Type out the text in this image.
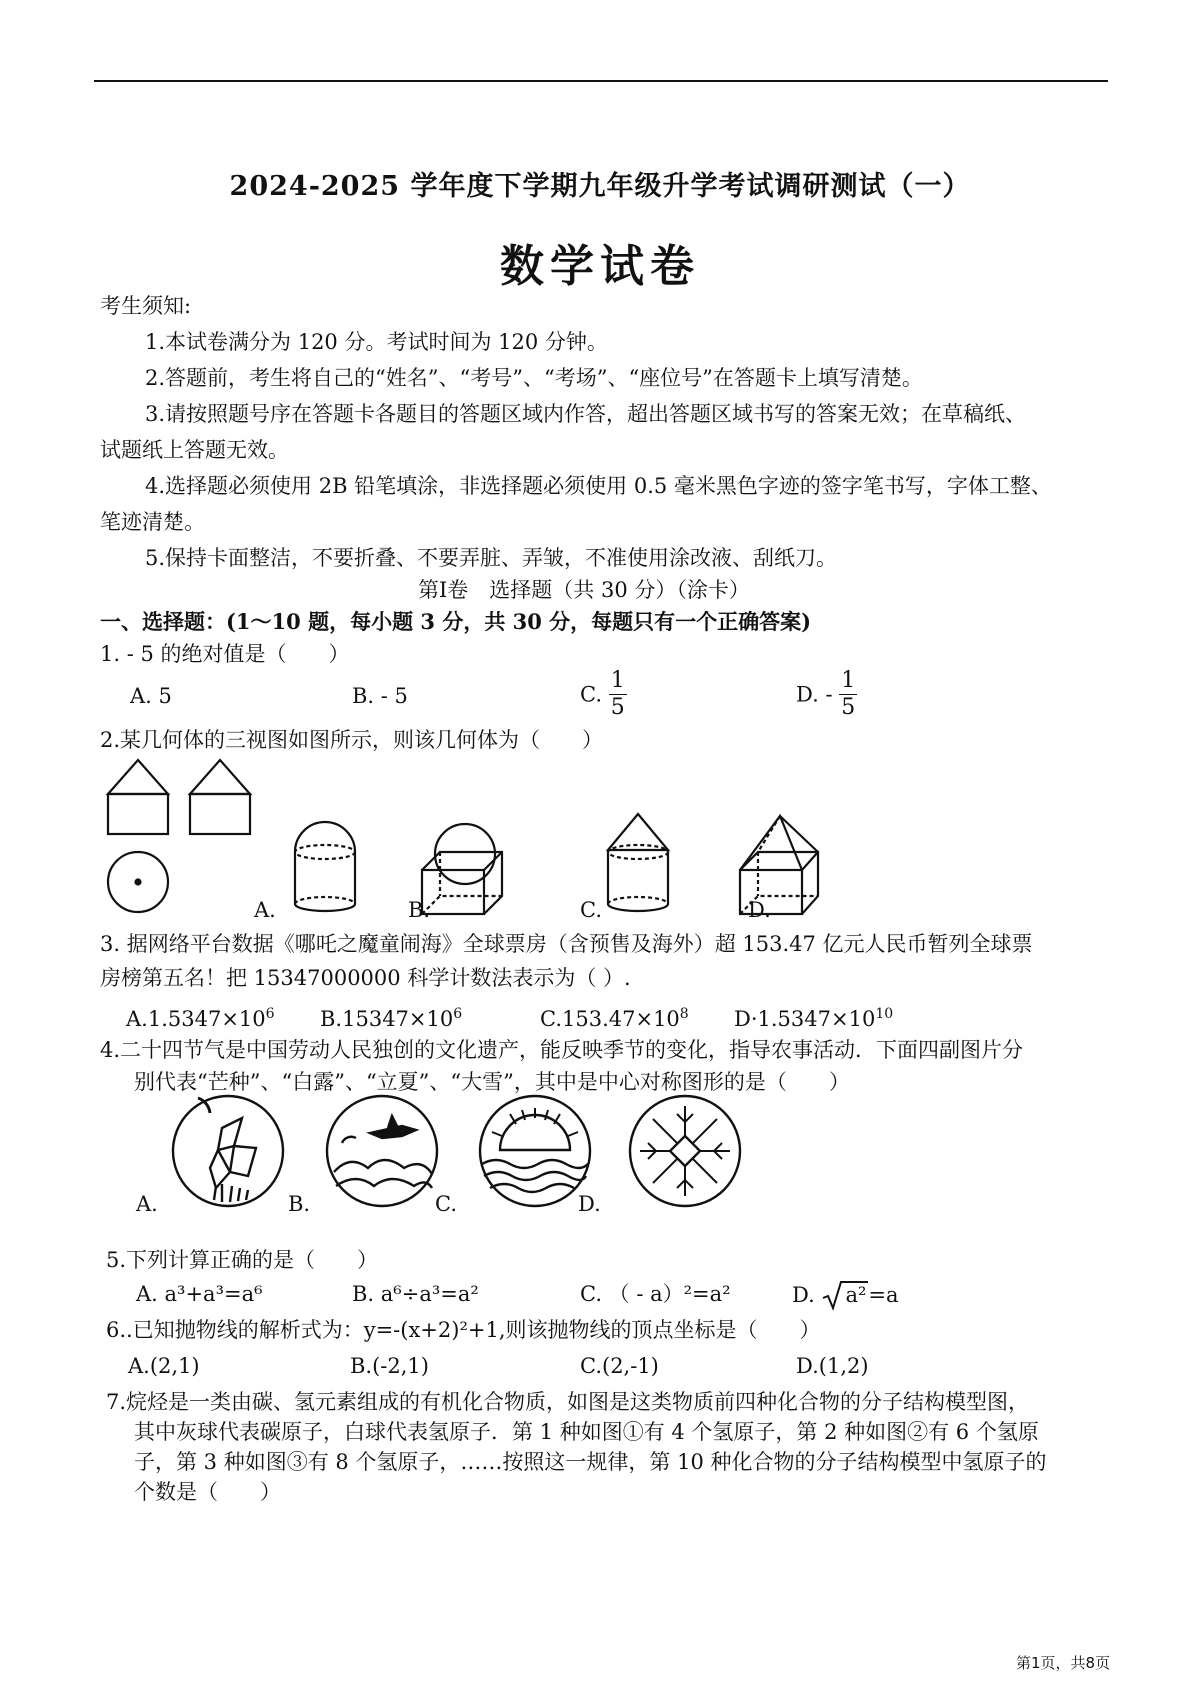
2024-2025 学年度下学期九年级升学考试调研测试（一）
数学试卷
考生须知:
1.本试卷满分为 120 分。考试时间为 120 分钟。
2.答题前，考生将自己的“姓名”、“考号”、“考场”、“座位号”在答题卡上填写清楚。
3.请按照题号序在答题卡各题目的答题区域内作答，超出答题区域书写的答案无效；在草稿纸、
试题纸上答题无效。
4.选择题必须使用 2B 铅笔填涂，非选择题必须使用 0.5 毫米黑色字迹的签字笔书写，字体工整、
笔迹清楚。
5.保持卡面整洁，不要折叠、不要弄脏、弄皱，不准使用涂改液、刮纸刀。
第Ⅰ卷　选择题（共 30 分）（涂卡）
一、选择题：(1～10 题，每小题 3 分，共 30 分，每题只有一个正确答案)
1. - 5 的绝对值是（　　）
A. 5	B. - 5	C. $\frac{1}{5}$	D. - $\frac{1}{5}$
2.某几何体的三视图如图所示，则该几何体为（　　）
A.	B.	C.	D.
3. 据网络平台数据《哪吒之魔童闹海》全球票房（含预售及海外）超 153.47 亿元人民币暂列全球票
房榜第五名！把 15347000000 科学计数法表示为（ ）.
$A.1.5347\times 10^6$ $B.15347\times 10^6$	$C.153.47\times 10^8$ $D\cdot 1.5347\times 10^{10}$
4.二十四节气是中国劳动人民独创的文化遗产，能反映季节的变化，指导农事活动．下面四副图片分
别代表“芒种”、“白露”、“立夏”、“大雪”，其中是中心对称图形的是（　　）
A.	B.	C.	D.
5.下列计算正确的是（　　）
A. a³+a³=a⁶	B. a⁶÷a³=a²	C. （ - a）²=a²	D. a²=a
6..已知抛物线的解析式为：y=-(x+2)²+1,则该抛物线的顶点坐标是（　　）
A.(2,1)	B.(-2,1)	C.(2,-1)	D.(1,2)
7.烷烃是一类由碳、氢元素组成的有机化合物质，如图是这类物质前四种化合物的分子结构模型图，
其中灰球代表碳原子，白球代表氢原子．第 1 种如图①有 4 个氢原子，第 2 种如图②有 6 个氢原
子，第 3 种如图③有 8 个氢原子，……按照这一规律，第 10 种化合物的分子结构模型中氢原子的
个数是（　　）
第1页，共8页
